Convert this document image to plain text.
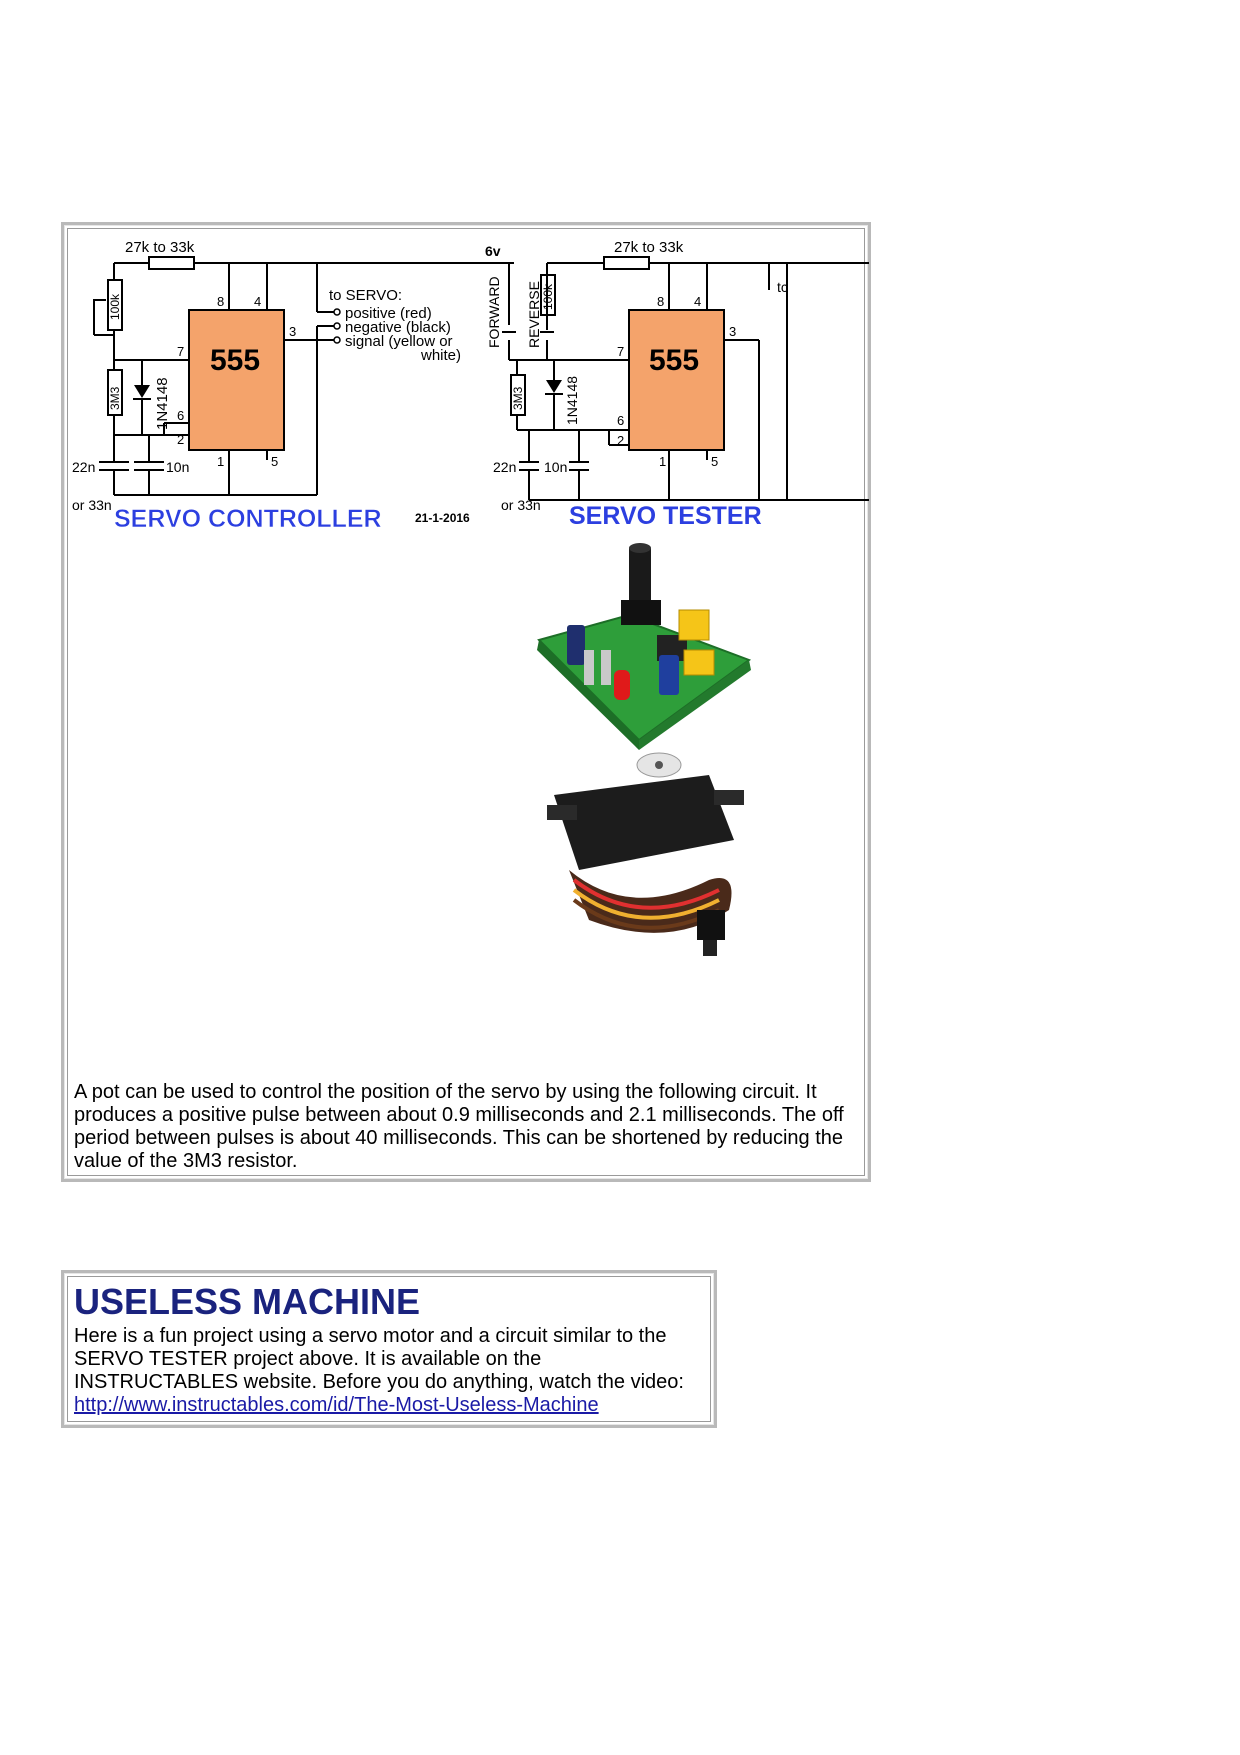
27k to 33k	6v
100k
3M3 1N4148
555
8 4
3
7
6
2
1	5
to SERVO:
positive (red)
negative (black)
signal (yellow or
white)
22n	10n
or 33n SERVO CONTROLLER	21-1-2016
27k to 33k
FORWARD REVERSE 100k
3M3	1N4148
555
8 4
3
7
6
2
1	5
tc
22n 10n
or 33n SERVO TESTER
A pot can be used to control the position of the servo by using the following circuit. It produces a positive pulse between about 0.9 milliseconds and 2.1 milliseconds. The off period between pulses is about 40 milliseconds. This can be shortened by reducing the value of the 3M3 resistor.
USELESS MACHINE

Here is a fun project using a servo motor and a circuit similar to the

SERVO TESTER project above. It is available on the

INSTRUCTABLES website. Before you do anything, watch the video:

http://www.instructables.com/id/The-Most-Useless-Machine
